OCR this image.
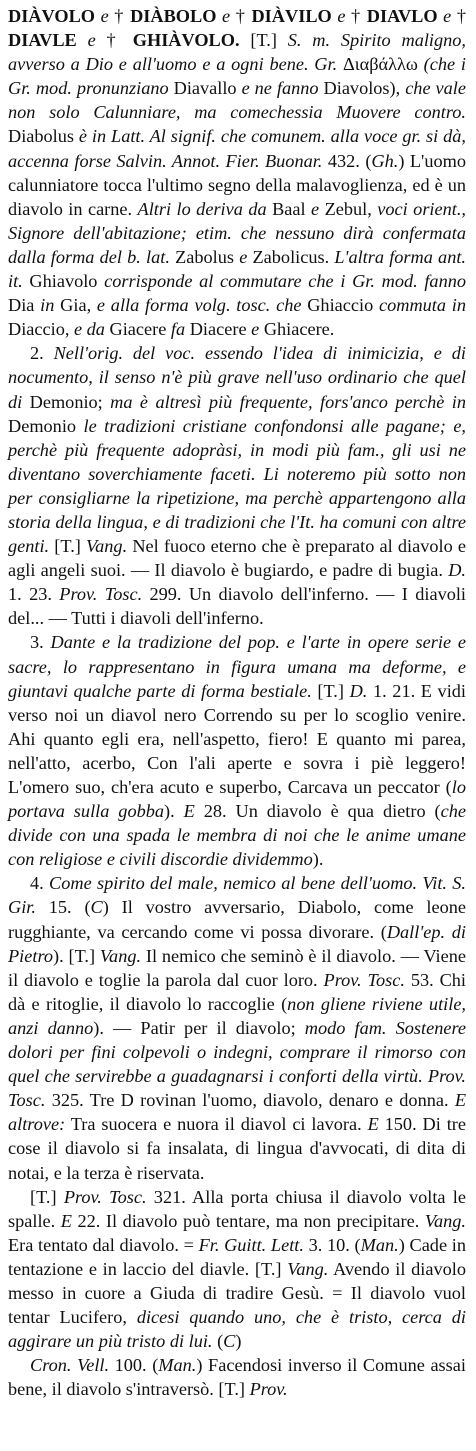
DIÀVOLO e † DIÀBOLO e † DIÀVILO e † DIAVLO e † DIAVLE e † GHIÀVOLO. [T.] S. m. Spirito maligno, avverso a Dio e all'uomo e a ogni bene. Gr. Διαβάλλω (che i Gr. mod. pronunziano Diavallo e ne fanno Diavolos), che vale non solo Calunniare, ma comechessia Muovere contro. Diabolus è in Latt. Al signif. che comunem. alla voce gr. si dà, accenna forse Salvin. Annot. Fier. Buonar. 432. (Gh.) L'uomo calunniatore tocca l'ultimo segno della malavoglienza, ed è un diavolo in carne. Altri lo deriva da Baal e Zebul, voci orient., Signore dell'abitazione; etim. che nessuno dirà confermata dalla forma del b. lat. Zabolus e Zabolicus. L'altra forma ant. it. Ghiavolo corrisponde al commutare che i Gr. mod. fanno Dia in Gia, e alla forma volg. tosc. che Ghiaccio commuta in Diaccio, e da Giacere fa Diacere e Ghiacere.

2. Nell'orig. del voc. essendo l'idea di inimicizia, e di nocumento, il senso n'è più grave nell'uso ordinario che quel di Demonio; ma è altresì più frequente, fors'anco perchè in Demonio le tradizioni cristiane confondonsi alle pagane; e, perchè più frequente adopràsi, in modi più fam., gli usi ne diventano soverchiamente faceti. Li noteremo più sotto non per consigliarne la ripetizione, ma perchè appartengono alla storia della lingua, e di tradizioni che l'It. ha comuni con altre genti. [T.] Vang. Nel fuoco eterno che è preparato al diavolo e agli angeli suoi. — Il diavolo è bugiardo, e padre di bugia. D. 1. 23. Prov. Tosc. 299. Un diavolo dell'inferno. — I diavoli del... — Tutti i diavoli dell'inferno.

3. Dante e la tradizione del pop. e l'arte in opere serie e sacre, lo rappresentano in figura umana ma deforme, e giuntavi qualche parte di forma bestiale. [T.] D. 1. 21. E vidi verso noi un diavol nero Correndo su per lo scoglio venire. Ahi quanto egli era, nell'aspetto, fiero! E quanto mi parea, nell'atto, acerbo, Con l'ali aperte e sovra i piè leggero! L'omero suo, ch'era acuto e superbo, Carcava un peccator (lo portava sulla gobba). E 28. Un diavolo è qua dietro (che divide con una spada le membra di noi che le anime umane con religiose e civili discordie dividemmo).

4. Come spirito del male, nemico al bene dell'uomo. Vit. S. Gir. 15. (C) Il vostro avversario, Diabolo, come leone rugghiante, va cercando come vi possa divorare. (Dall'ep. di Pietro). [T.] Vang. Il nemico che seminò è il diavolo. — Viene il diavolo e toglie la parola dal cuor loro. Prov. Tosc. 53. Chi dà e ritoglie, il diavolo lo raccoglie (non gliene riviene utile, anzi danno). — Patir per il diavolo; modo fam. Sostenere dolori per fini colpevoli o indegni, comprare il rimorso con quel che servirebbe a guadagnarsi i conforti della virtù. Prov. Tosc. 325. Tre D rovinan l'uomo, diavolo, denaro e donna. E altrove: Tra suocera e nuora il diavol ci lavora. E 150. Di tre cose il diavolo si fa insalata, di lingua d'avvocati, di dita di notai, e la terza è riservata.

[T.] Prov. Tosc. 321. Alla porta chiusa il diavolo volta le spalle. E 22. Il diavolo può tentare, ma non precipitare. Vang. Era tentato dal diavolo. = Fr. Guitt. Lett. 3. 10. (Man.) Cade in tentazione e in laccio del diavle. [T.] Vang. Avendo il diavolo messo in cuore a Giuda di tradire Gesù. = Il diavolo vuol tentar Lucifero, dicesi quando uno, che è tristo, cerca di aggirare un più tristo di lui. (C)

Cron. Vell. 100. (Man.) Facendosi inverso il Comune assai bene, il diavolo s'intraversò. [T.] Prov.
